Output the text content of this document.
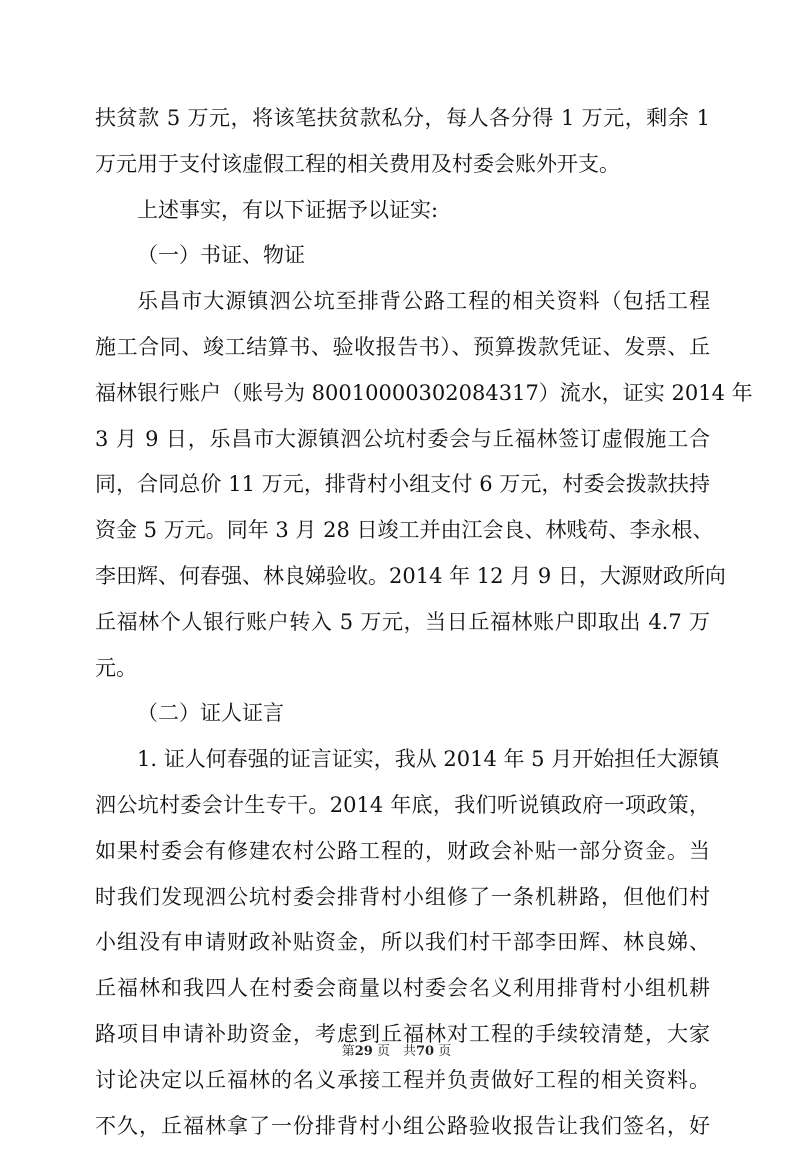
扶贫款 5 万元，将该笔扶贫款私分，每人各分得 1 万元，剩余 1
万元用于支付该虚假工程的相关费用及村委会账外开支。
上述事实，有以下证据予以证实:
（一）书证、物证
乐昌市大源镇泗公坑至排背公路工程的相关资料（包括工程
施工合同、竣工结算书、验收报告书）、预算拨款凭证、发票、丘
福林银行账户（账号为 80010000302084317）流水，证实 2014 年
3 月 9 日，乐昌市大源镇泗公坑村委会与丘福林签订虚假施工合
同，合同总价 11 万元，排背村小组支付 6 万元，村委会拨款扶持
资金 5 万元。同年 3 月 28 日竣工并由江会良、林贱苟、李永根、
李田辉、何春强、林良娣验收。2014 年 12 月 9 日，大源财政所向
丘福林个人银行账户转入 5 万元，当日丘福林账户即取出 4.7 万
元。
（二）证人证言
1. 证人何春强的证言证实，我从 2014 年 5 月开始担任大源镇
泗公坑村委会计生专干。2014 年底，我们听说镇政府一项政策，
如果村委会有修建农村公路工程的，财政会补贴一部分资金。当
时我们发现泗公坑村委会排背村小组修了一条机耕路，但他们村
小组没有申请财政补贴资金，所以我们村干部李田辉、林良娣、
丘福林和我四人在村委会商量以村委会名义利用排背村小组机耕
路项目申请补助资金，考虑到丘福林对工程的手续较清楚，大家
讨论决定以丘福林的名义承接工程并负责做好工程的相关资料。
不久，丘福林拿了一份排背村小组公路验收报告让我们签名，好
第29 页　共70 页
